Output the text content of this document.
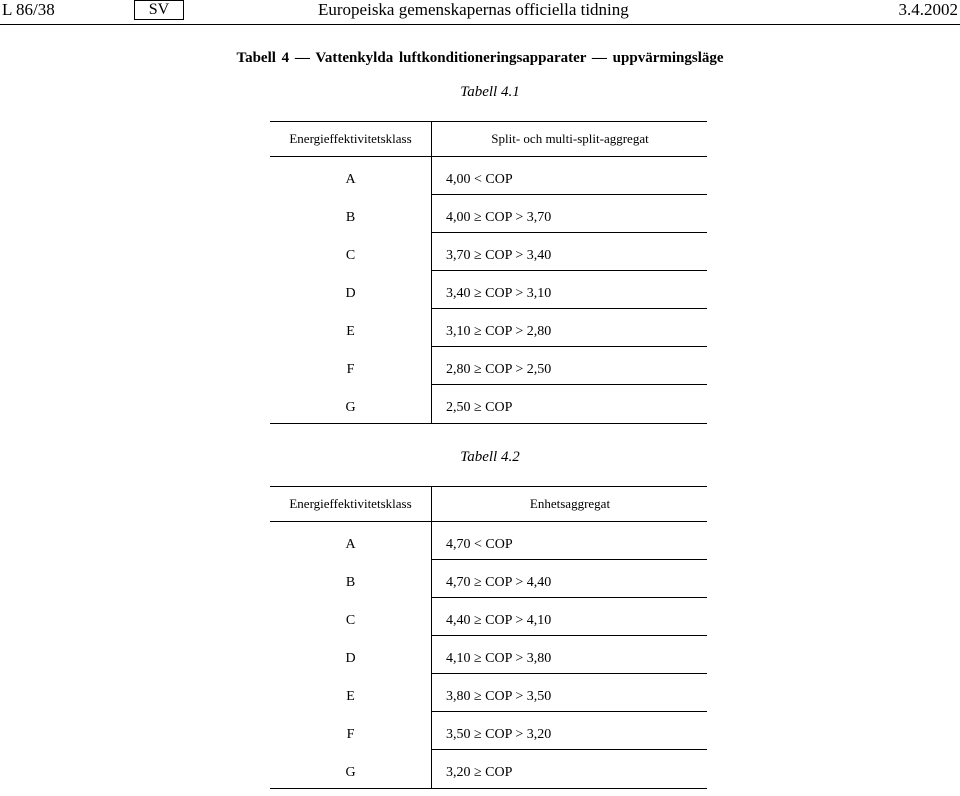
L 86/38	SV	Europeiska gemenskapernas officiella tidning	3.4.2002
Tabell 4 — Vattenkylda luftkonditioneringsapparater — uppvärmingsläge
Tabell 4.1
Energieffektivitetsklass	Split- och multi-split-aggregat
A	4,00 < COP
B	4,00 ≥ COP > 3,70
C	3,70 ≥ COP > 3,40
D	3,40 ≥ COP > 3,10
E	3,10 ≥ COP > 2,80
F	2,80 ≥ COP > 2,50
G	2,50 ≥ COP
Tabell 4.2
Energieffektivitetsklass	Enhetsaggregat
A	4,70 < COP
B	4,70 ≥ COP > 4,40
C	4,40 ≥ COP > 4,10
D	4,10 ≥ COP > 3,80
E	3,80 ≥ COP > 3,50
F	3,50 ≥ COP > 3,20
G	3,20 ≥ COP
